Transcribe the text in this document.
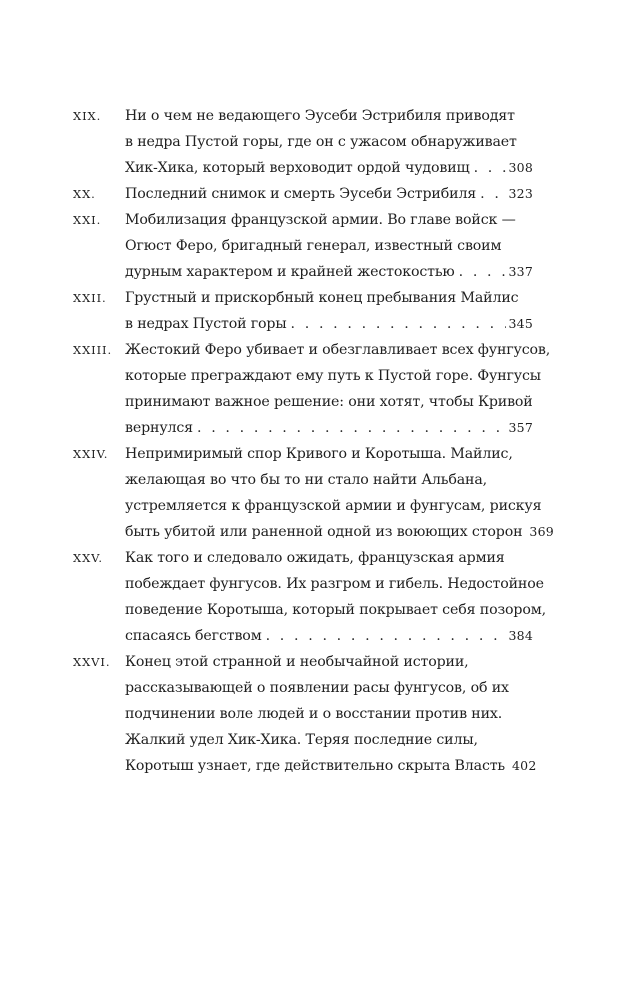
XIX.	Ни о чем не ведающего Эусеби Эстрибиля приводят
в недра Пустой горы, где он с ужасом обнаруживает
Хик-Хика, который верховодит ордой чудовищ . . .	308
XX.	Последний снимок и смерть Эусеби Эстрибиля . . .	323
XXI.	Мобилизация французской армии. Во главе войск —
Огюст Феро, бригадный генерал, известный своим
дурным характером и крайней жестокостью . . .	337
XXII.	Грустный и прискорбный конец пребывания Майлис
в недрах Пустой горы . . .	345
XXIII. Жестокий Феро убивает и обезглавливает всех фунгусов,
которые преграждают ему путь к Пустой горе. Фунгусы
принимают важное решение: они хотят, чтобы Кривой
вернулся . . .	357
XXIV.	Непримиримый спор Кривого и Коротыша. Майлис,
желающая во что бы то ни стало найти Альбана,
устремляется к французской армии и фунгусам, рискуя
быть убитой или раненной одной из воюющих сторон 369
XXV.	Как того и следовало ожидать, французская армия
побеждает фунгусов. Их разгром и гибель. Недостойное
поведение Коротыша, который покрывает себя позором,
спасаясь бегством . . .	384
XXVI.	Конец этой странной и необычайной истории,
рассказывающей о появлении расы фунгусов, об их
подчинении воле людей и о восстании против них.
Жалкий удел Хик-Хика. Теряя последние силы,
Коротыш узнает, где действительно скрыта Власть 402
